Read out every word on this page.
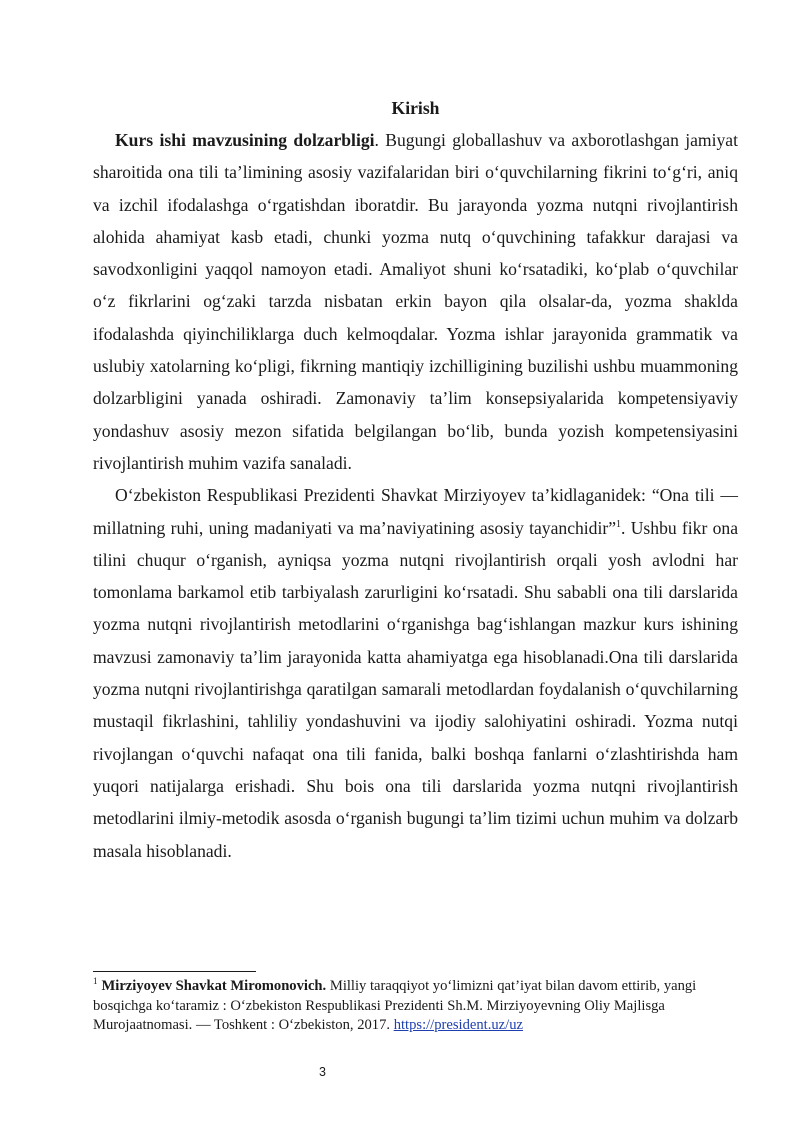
Kirish

Kurs ishi mavzusining dolzarbligi. Bugungi globallashuv va axborotlashgan jamiyat sharoitida ona tili ta’limining asosiy vazifalaridan biri o‘quvchilarning fikrini to‘g‘ri, aniq va izchil ifodalashga o‘rgatishdan iboratdir. Bu jarayonda yozma nutqni rivojlantirish alohida ahamiyat kasb etadi, chunki yozma nutq o‘quvchining tafakkur darajasi va savodxonligini yaqqol namoyon etadi. Amaliyot shuni ko‘rsatadiki, ko‘plab o‘quvchilar o‘z fikrlarini og‘zaki tarzda nisbatan erkin bayon qila olsalar-da, yozma shaklda ifodalashda qiyinchiliklarga duch kelmoqdalar. Yozma ishlar jarayonida grammatik va uslubiy xatolarning ko‘pligi, fikrning mantiqiy izchilligining buzilishi ushbu muammoning dolzarbligini yanada oshiradi. Zamonaviy ta’lim konsepsiyalarida kompetensiyaviy yondashuv asosiy mezon sifatida belgilangan bo‘lib, bunda yozish kompetensiyasini rivojlantirish muhim vazifa sanaladi.

O‘zbekiston Respublikasi Prezidenti Shavkat Mirziyoyev ta’kidlaganidek: “Ona tili — millatning ruhi, uning madaniyati va ma’naviyatining asosiy tayanchidir”$^1$. Ushbu fikr ona tilini chuqur o‘rganish, ayniqsa yozma nutqni rivojlantirish orqali yosh avlodni har tomonlama barkamol etib tarbiyalash zarurligini ko‘rsatadi. Shu sababli ona tili darslarida yozma nutqni rivojlantirish metodlarini o‘rganishga bag‘ishlangan mazkur kurs ishining mavzusi zamonaviy ta’lim jarayonida katta ahamiyatga ega hisoblanadi.Ona tili darslarida yozma nutqni rivojlantirishga qaratilgan samarali metodlardan foydalanish o‘quvchilarning mustaqil fikrlashini, tahliliy yondashuvini va ijodiy salohiyatini oshiradi. Yozma nutqi rivojlangan o‘quvchi nafaqat ona tili fanida, balki boshqa fanlarni o‘zlashtirishda ham yuqori natijalarga erishadi. Shu bois ona tili darslarida yozma nutqni rivojlantirish metodlarini ilmiy-metodik asosda o‘rganish bugungi ta’lim tizimi uchun muhim va dolzarb masala hisoblanadi.

$^1$ Mirziyoyev Shavkat Miromonovich. Milliy taraqqiyot yo‘limizni qat’iyat bilan davom ettirib, yangi bosqichga ko‘taramiz : O‘zbekiston Respublikasi Prezidenti Sh.M. Mirziyoyevning Oliy Majlisga Murojaatnomasi. — Toshkent : O‘zbekiston, 2017. https://president.uz/uz
3
